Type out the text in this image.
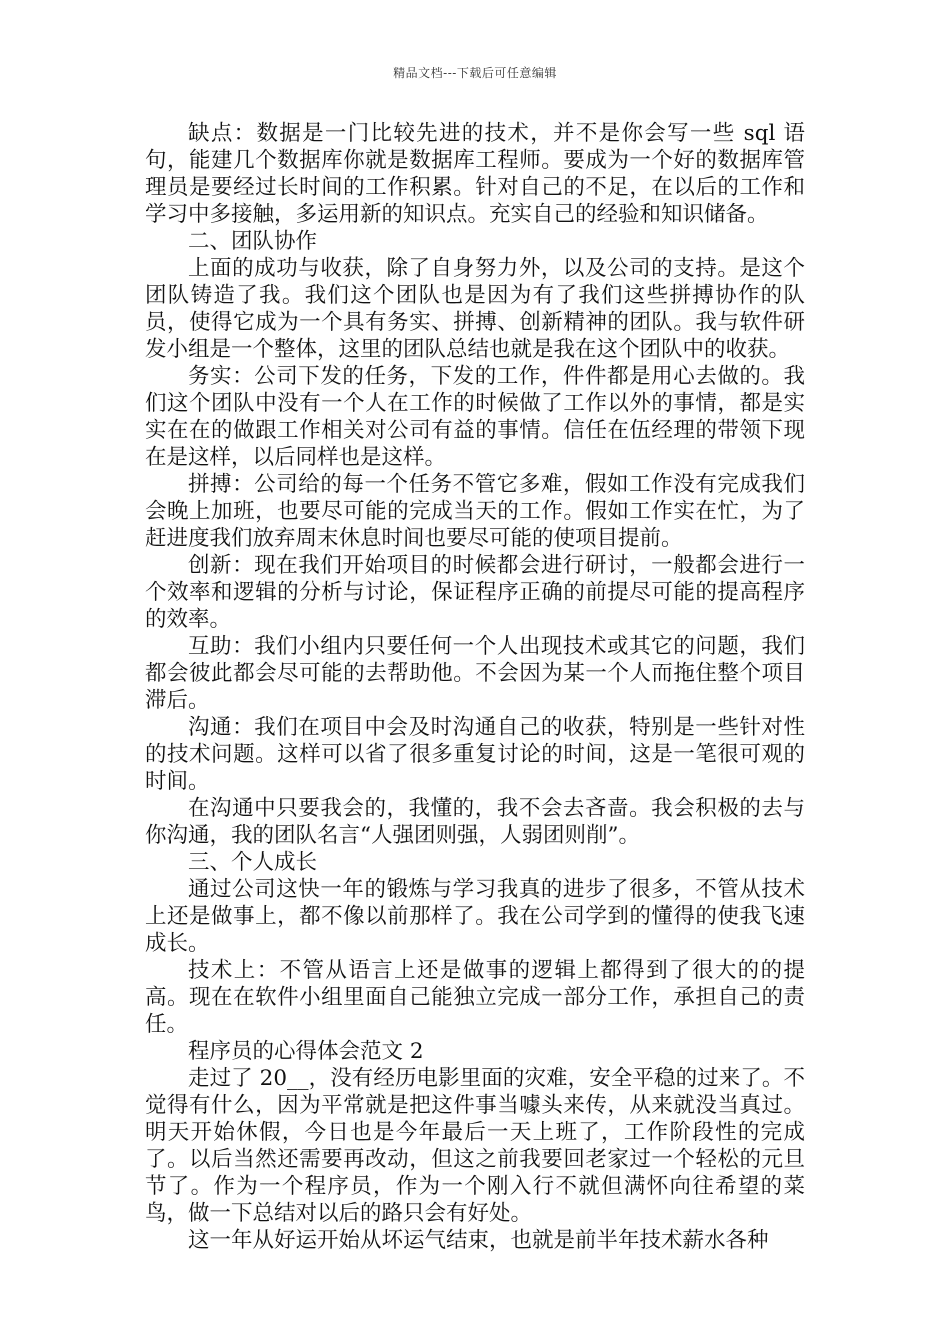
精品文档---下载后可任意编辑

缺点：数据是一门比较先进的技术，并不是你会写一些 sql 语句，能建几个数据库你就是数据库工程师。要成为一个好的数据库管理员是要经过长时间的工作积累。针对自己的不足，在以后的工作和学习中多接触，多运用新的知识点。充实自己的经验和知识储备。

二、团队协作

上面的成功与收获，除了自身努力外，以及公司的支持。是这个团队铸造了我。我们这个团队也是因为有了我们这些拼搏协作的队员，使得它成为一个具有务实、拼搏、创新精神的团队。我与软件研发小组是一个整体，这里的团队总结也就是我在这个团队中的收获。

务实：公司下发的任务，下发的工作，件件都是用心去做的。我们这个团队中没有一个人在工作的时候做了工作以外的事情，都是实实在在的做跟工作相关对公司有益的事情。信任在伍经理的带领下现在是这样，以后同样也是这样。

拼搏：公司给的每一个任务不管它多难，假如工作没有完成我们会晚上加班，也要尽可能的完成当天的工作。假如工作实在忙，为了赶进度我们放弃周末休息时间也要尽可能的使项目提前。

创新：现在我们开始项目的时候都会进行研讨，一般都会进行一个效率和逻辑的分析与讨论，保证程序正确的前提尽可能的提高程序的效率。

互助：我们小组内只要任何一个人出现技术或其它的问题，我们都会彼此都会尽可能的去帮助他。不会因为某一个人而拖住整个项目滞后。

沟通：我们在项目中会及时沟通自己的收获，特别是一些针对性的技术问题。这样可以省了很多重复讨论的时间，这是一笔很可观的时间。

在沟通中只要我会的，我懂的，我不会去吝啬。我会积极的去与你沟通，我的团队名言“人强团则强，人弱团则削”。

三、个人成长

通过公司这快一年的锻炼与学习我真的进步了很多，不管从技术上还是做事上，都不像以前那样了。我在公司学到的懂得的使我飞速成长。

技术上：不管从语言上还是做事的逻辑上都得到了很大的的提高。现在在软件小组里面自己能独立完成一部分工作，承担自己的责任。

程序员的心得体会范文 2

走过了 20__，没有经历电影里面的灾难，安全平稳的过来了。不觉得有什么，因为平常就是把这件事当噱头来传，从来就没当真过。明天开始休假，今日也是今年最后一天上班了，工作阶段性的完成了。以后当然还需要再改动，但这之前我要回老家过一个轻松的元旦节了。作为一个程序员，作为一个刚入行不就但满怀向往希望的菜鸟，做一下总结对以后的路只会有好处。

这一年从好运开始从坏运气结束，也就是前半年技术薪水各种
